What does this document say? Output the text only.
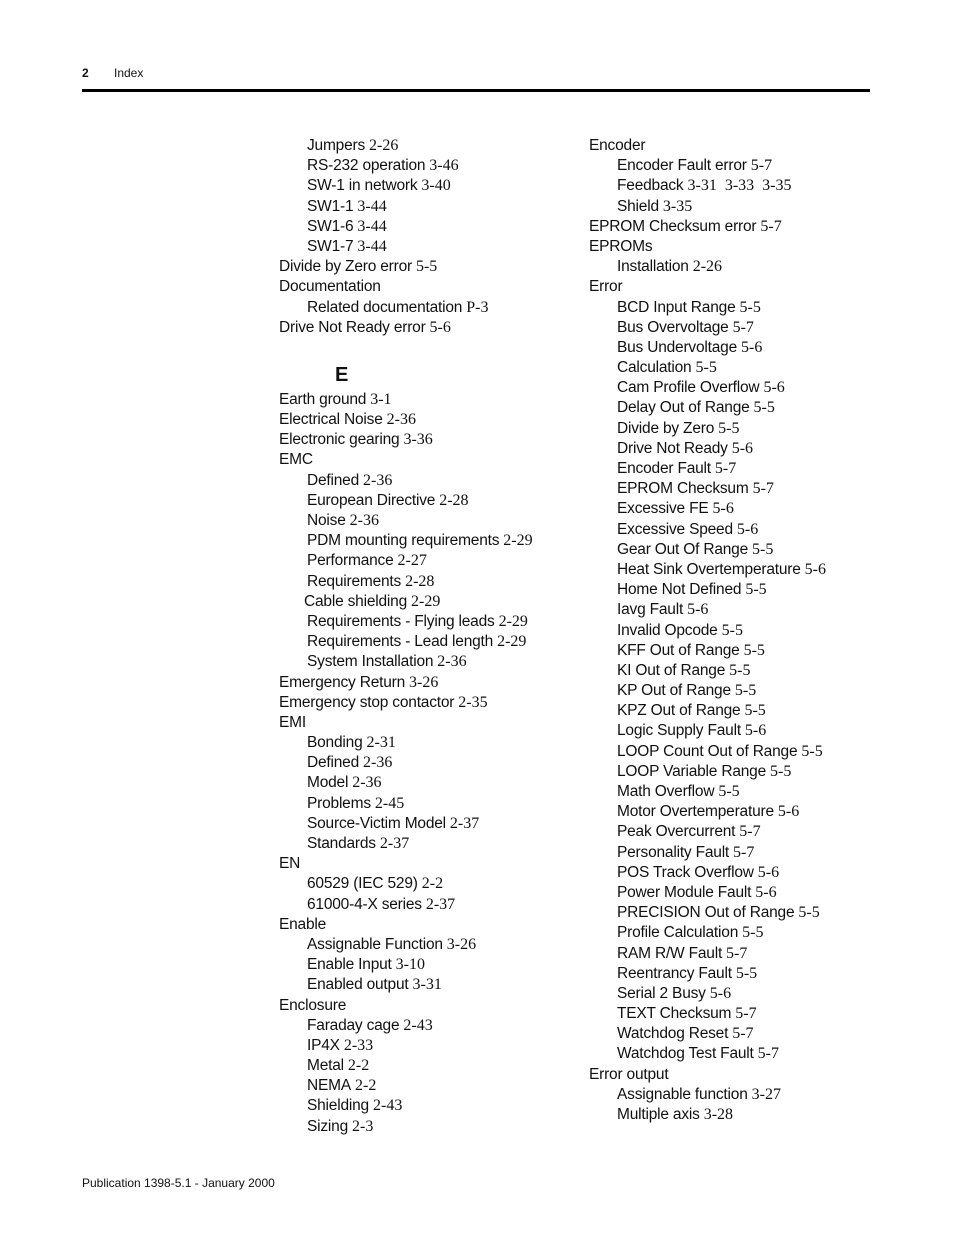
2 Index
Jumpers 2-26
RS-232 operation 3-46
SW-1 in network 3-40
SW1-1 3-44
SW1-6 3-44
SW1-7 3-44
Divide by Zero error 5-5
Documentation
Related documentation P-3
Drive Not Ready error 5-6
E
Earth ground 3-1
Electrical Noise 2-36
Electronic gearing 3-36
EMC
Defined 2-36
European Directive 2-28
Noise 2-36
PDM mounting requirements 2-29
Performance 2-27
Requirements 2-28
Cable shielding 2-29
Requirements - Flying leads 2-29
Requirements - Lead length 2-29
System Installation 2-36
Emergency Return 3-26
Emergency stop contactor 2-35
EMI
Bonding 2-31
Defined 2-36
Model 2-36
Problems 2-45
Source-Victim Model 2-37
Standards 2-37
EN
60529 (IEC 529) 2-2
61000-4-X series 2-37
Enable
Assignable Function 3-26
Enable Input 3-10
Enabled output 3-31
Enclosure
Faraday cage 2-43
IP4X 2-33
Metal 2-2
NEMA 2-2
Shielding 2-43
Sizing 2-3
Encoder
Encoder Fault error 5-7
Feedback 3-31  3-33  3-35
Shield 3-35
EPROM Checksum error 5-7
EPROMs
Installation 2-26
Error
BCD Input Range 5-5
Bus Overvoltage 5-7
Bus Undervoltage 5-6
Calculation 5-5
Cam Profile Overflow 5-6
Delay Out of Range 5-5
Divide by Zero 5-5
Drive Not Ready 5-6
Encoder Fault 5-7
EPROM Checksum 5-7
Excessive FE 5-6
Excessive Speed 5-6
Gear Out Of Range 5-5
Heat Sink Overtemperature 5-6
Home Not Defined 5-5
Iavg Fault 5-6
Invalid Opcode 5-5
KFF Out of Range 5-5
KI Out of Range 5-5
KP Out of Range 5-5
KPZ Out of Range 5-5
Logic Supply Fault 5-6
LOOP Count Out of Range 5-5
LOOP Variable Range 5-5
Math Overflow 5-5
Motor Overtemperature 5-6
Peak Overcurrent 5-7
Personality Fault 5-7
POS Track Overflow 5-6
Power Module Fault 5-6
PRECISION Out of Range 5-5
Profile Calculation 5-5
RAM R/W Fault 5-7
Reentrancy Fault 5-5
Serial 2 Busy 5-6
TEXT Checksum 5-7
Watchdog Reset 5-7
Watchdog Test Fault 5-7
Error output
Assignable function 3-27
Multiple axis 3-28
Publication 1398-5.1 - January 2000
